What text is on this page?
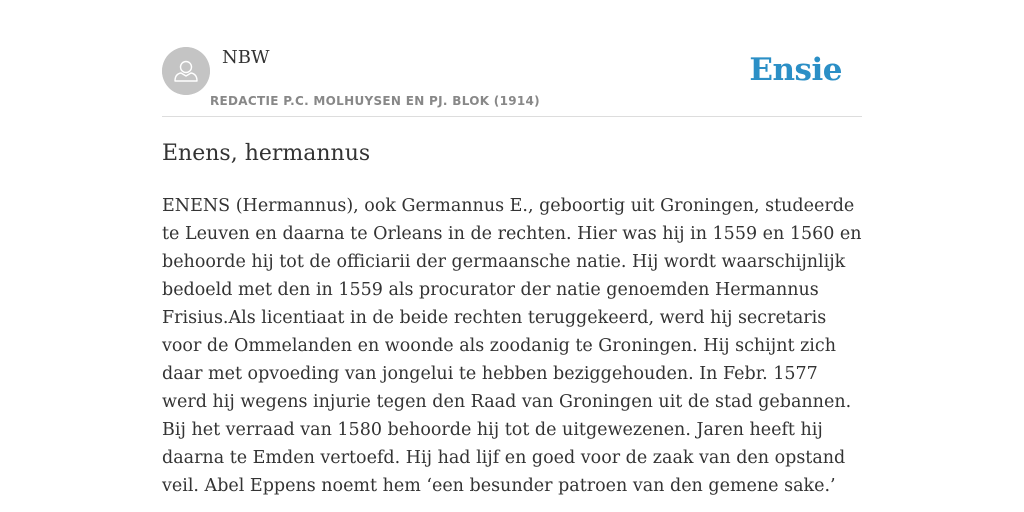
NBW
REDACTIE P.C. MOLHUYSEN EN PJ. BLOK (1914)
Ensie
Enens, hermannus

ENENS (Hermannus), ook Germannus E., geboortig uit Groningen, studeerde te Leuven en daarna te Orleans in de rechten. Hier was hij in 1559 en 1560 en behoorde hij tot de officiarii der germaansche natie. Hij wordt waarschijnlijk bedoeld met den in 1559 als procurator der natie genoemden Hermannus Frisius.Als licentiaat in de beide rechten teruggekeerd, werd hij secretaris voor de Ommelanden en woonde als zoodanig te Groningen. Hij schijnt zich daar met opvoeding van jongelui te hebben beziggehouden. In Febr. 1577 werd hij wegens injurie tegen den Raad van Groningen uit de stad gebannen. Bij het verraad van 1580 behoorde hij tot de uitgewezenen. Jaren heeft hij daarna te Emden vertoefd. Hij had lijf en goed voor de zaak van den opstand veil. Abel Eppens noemt hem ‘een besunder patroen van den gemene sake.’
